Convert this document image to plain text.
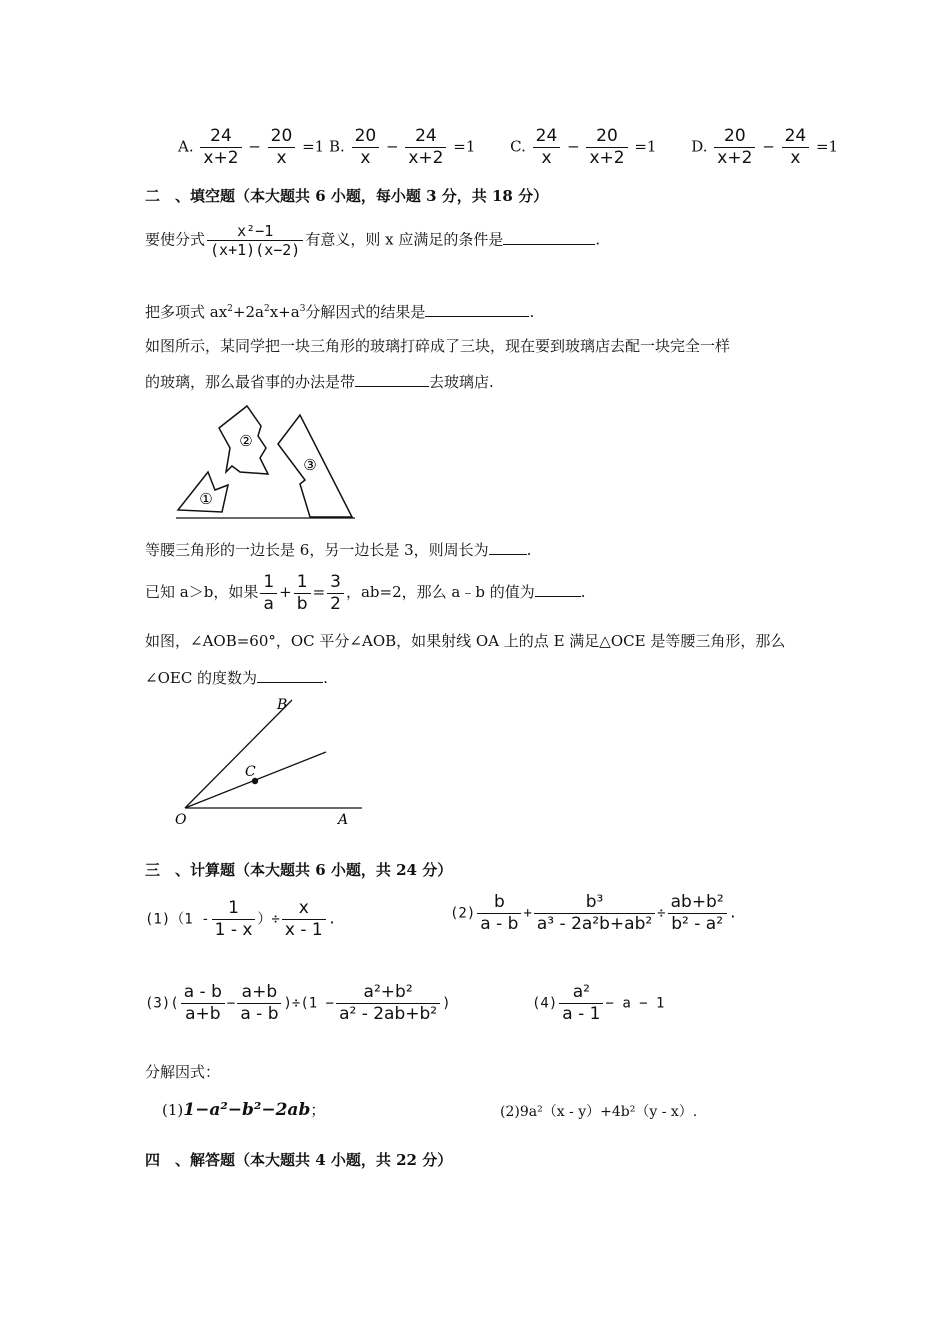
A. $\frac{24}{x+2} - \frac{20}{x} =1$ B. $\frac{20}{x} - \frac{24}{x+2} =1$ C. $\frac{24}{x} - \frac{20}{x+2} =1$ D. $\frac{20}{x+2} - \frac{24}{x} =1$
二　、填空题（本大题共 6 小题，每小题 3 分，共 18 分）
要使分式 $\frac{\text{x²−1}}{(x+1)(x-2)}$ 有意义，则 x 应满足的条件是	.
把多项式 $ax^2+2a^2x+a^3$分解因式的结果是	.
如图所示，某同学把一块三角形的玻璃打碎成了三块，现在要到玻璃店去配一块完全一样
的玻璃，那么最省事的办法是带	去玻璃店.
①
②
③
等腰三角形的一边长是 6，另一边长是 3，则周长为	.
已知 a＞b，如果 $\frac{1}{a} + \frac{1}{b} = \frac{3}{2}$ ，ab=2，那么 a﹣b 的值为	.
如图，∠AOB=60°，OC 平分∠AOB，如果射线 OA 上的点 E 满足△OCE 是等腰三角形，那么
∠OEC 的度数为	.
B
C
O	A
三　、计算题（本大题共 6 小题，共 24 分）
$(1)(1 - \frac{1}{1 - x}$ ）÷ $\frac{x}{x - 1}$ .	$(2) \frac{b}{a - b} + \frac{\text{b³}}{\text{a³ - 2a²b+ab²}} \div \frac{\text{ab+b²}}{\text{b² - a²}}$ .
$(3)( \frac{a - b}{a+b} - \frac{a+b}{a - b} )\div(1 - \frac{\text{a²+b²}}{\text{a² - 2ab+b²}}$ )	$(4) \frac{\text{a²}}{a - 1} - a - 1$
分解因式：
(1)1−a²−b²−2ab；	(2)9a²（x - y）+4b²（y - x）.
四　、解答题（本大题共 4 小题，共 22 分）
